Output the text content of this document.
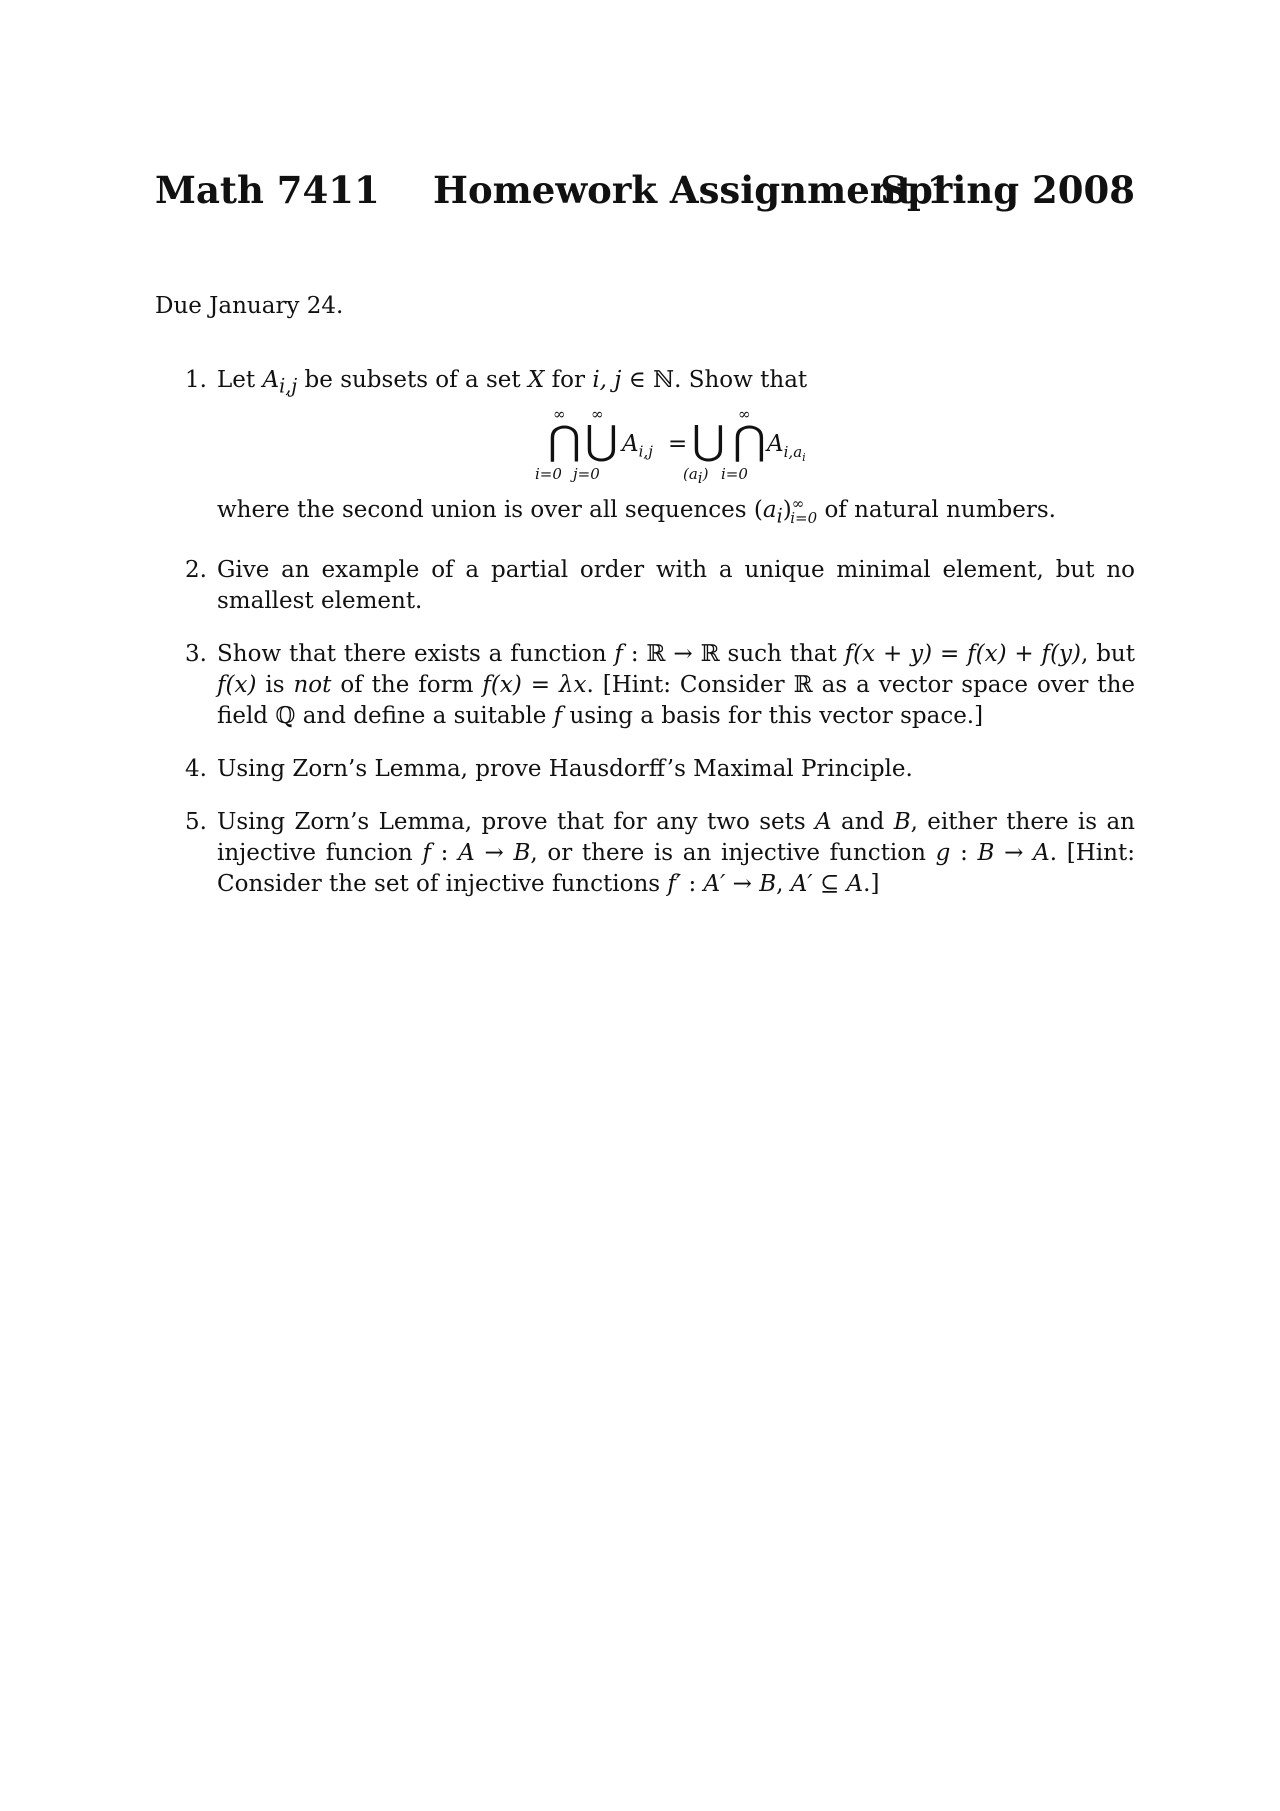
Math 7411 Homework Assignment 1
Spring 2008
Due January 24.
1. Let $A_{i,j}$ be subsets of a set X for i, j ∈ ℕ. Show that
∞
⋂
i=0
∞
⋃
j=0
$A_{i,j}$ = ⋃
$(a_i)$
∞
⋂
i=0
$A_{i,a_i}$
where the second union is over all sequences $(a_i)^\infty_{i=0}$ of natural numbers.
2. Give an example of a partial order with a unique minimal element, but no smallest element.
3. Show that there exists a function f : ℝ → ℝ such that f(x + y) = f(x) + f(y), but f(x) is not of the form f(x) = λx. [Hint: Consider ℝ as a vector space over the field ℚ and define a suitable f using a basis for this vector space.]
4. Using Zorn’s Lemma, prove Hausdorff’s Maximal Principle.
5. Using Zorn’s Lemma, prove that for any two sets A and B, either there is an injective funcion f : A → B, or there is an injective function g : B → A. [Hint: Consider the set of injective functions f′ : A′ → B, A′ ⊆ A.]
